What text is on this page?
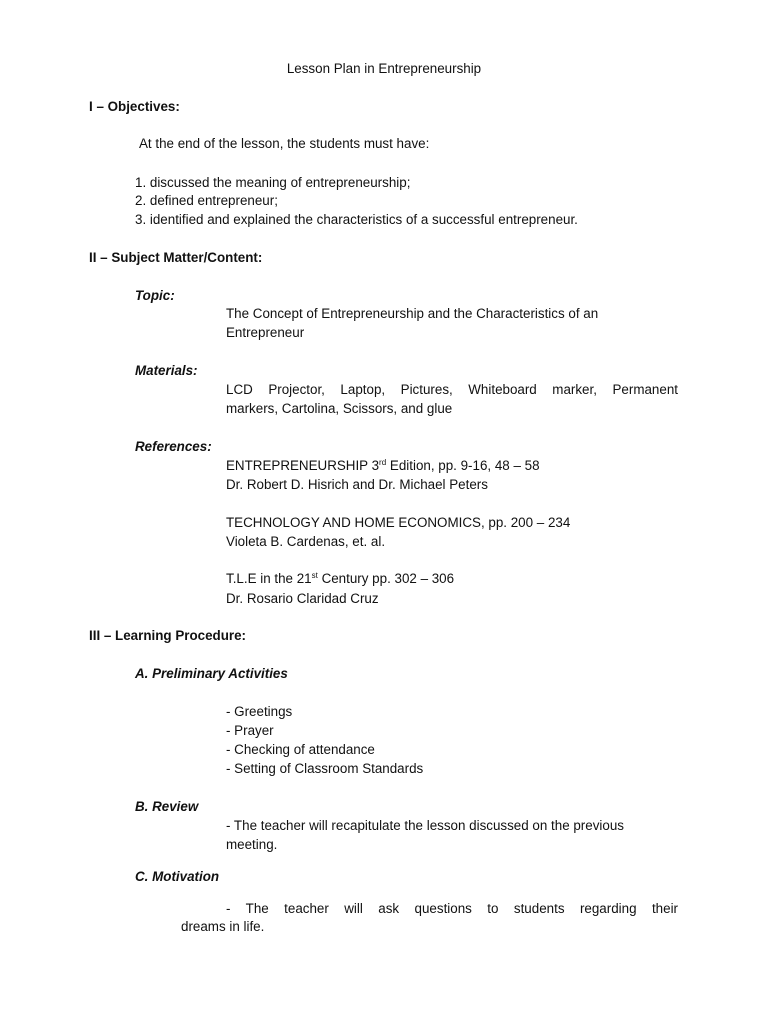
Lesson Plan in Entrepreneurship
I – Objectives:
At the end of the lesson, the students must have:
1. discussed the meaning of entrepreneurship;
2. defined entrepreneur;
3. identified and explained the characteristics of a successful entrepreneur.
II – Subject Matter/Content:
Topic:
The Concept of Entrepreneurship and the Characteristics of an
Entrepreneur
Materials:
LCD Projector, Laptop, Pictures, Whiteboard marker, Permanent
markers, Cartolina, Scissors, and glue
References:
ENTREPRENEURSHIP 3rd Edition, pp. 9-16, 48 – 58
Dr. Robert D. Hisrich and Dr. Michael Peters
TECHNOLOGY AND HOME ECONOMICS, pp. 200 – 234
Violeta B. Cardenas, et. al.
T.L.E in the 21st Century pp. 302 – 306
Dr. Rosario Claridad Cruz
III – Learning Procedure:
A. Preliminary Activities
- Greetings
- Prayer
- Checking of attendance
- Setting of Classroom Standards
B. Review
- The teacher will recapitulate the lesson discussed on the previous
meeting.
C. Motivation
- The teacher will ask questions to students regarding their
dreams in life.
